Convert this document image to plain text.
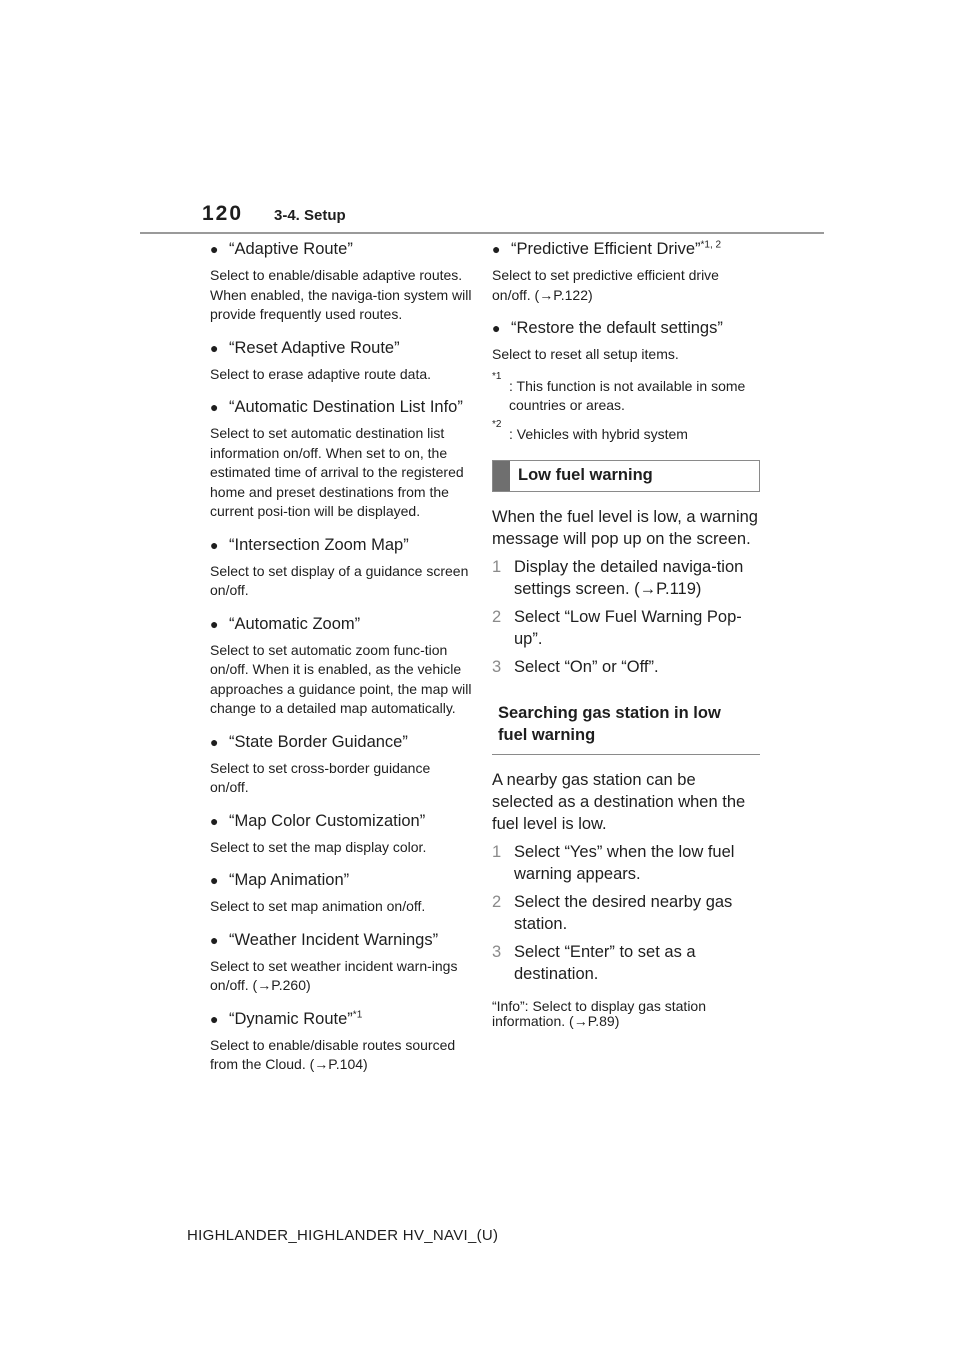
120 3-4. Setup
● “Adaptive Route”
Select to enable/disable adaptive routes. When enabled, the naviga-tion system will provide frequently used routes.
● “Reset Adaptive Route”
Select to erase adaptive route data.
● “Automatic Destination List Info”
Select to set automatic destination list information on/off. When set to on, the estimated time of arrival to the registered home and preset destinations from the current posi-tion will be displayed.
● “Intersection Zoom Map”
Select to set display of a guidance screen on/off.
● “Automatic Zoom”
Select to set automatic zoom func-tion on/off. When it is enabled, as the vehicle approaches a guidance point, the map will change to a detailed map automatically.
● “State Border Guidance”
Select to set cross-border guidance on/off.
● “Map Color Customization”
Select to set the map display color.
● “Map Animation”
Select to set map animation on/off.
● “Weather Incident Warnings”
Select to set weather incident warn-ings on/off. (→P.260)
● “Dynamic Route”$^{*1}$
Select to enable/disable routes sourced from the Cloud. (→P.104)
● “Predictive Efficient Drive”$^{*1, 2}$
Select to set predictive efficient drive on/off. (→P.122)
● “Restore the default settings”
Select to reset all setup items.
*1
: This function is not available in some countries or areas.
*2
: Vehicles with hybrid system
Low fuel warning
When the fuel level is low, a warning message will pop up on the screen.
1 Display the detailed naviga-tion settings screen. (→P.119)
2 Select “Low Fuel Warning Pop-up”.
3 Select “On” or “Off”.
Searching gas station in low fuel warning
A nearby gas station can be selected as a destination when the fuel level is low.
1 Select “Yes” when the low fuel warning appears.
2 Select the desired nearby gas station.
3 Select “Enter” to set as a destination.
“Info”: Select to display gas station information. (→P.89)
HIGHLANDER_HIGHLANDER HV_NAVI_(U)
